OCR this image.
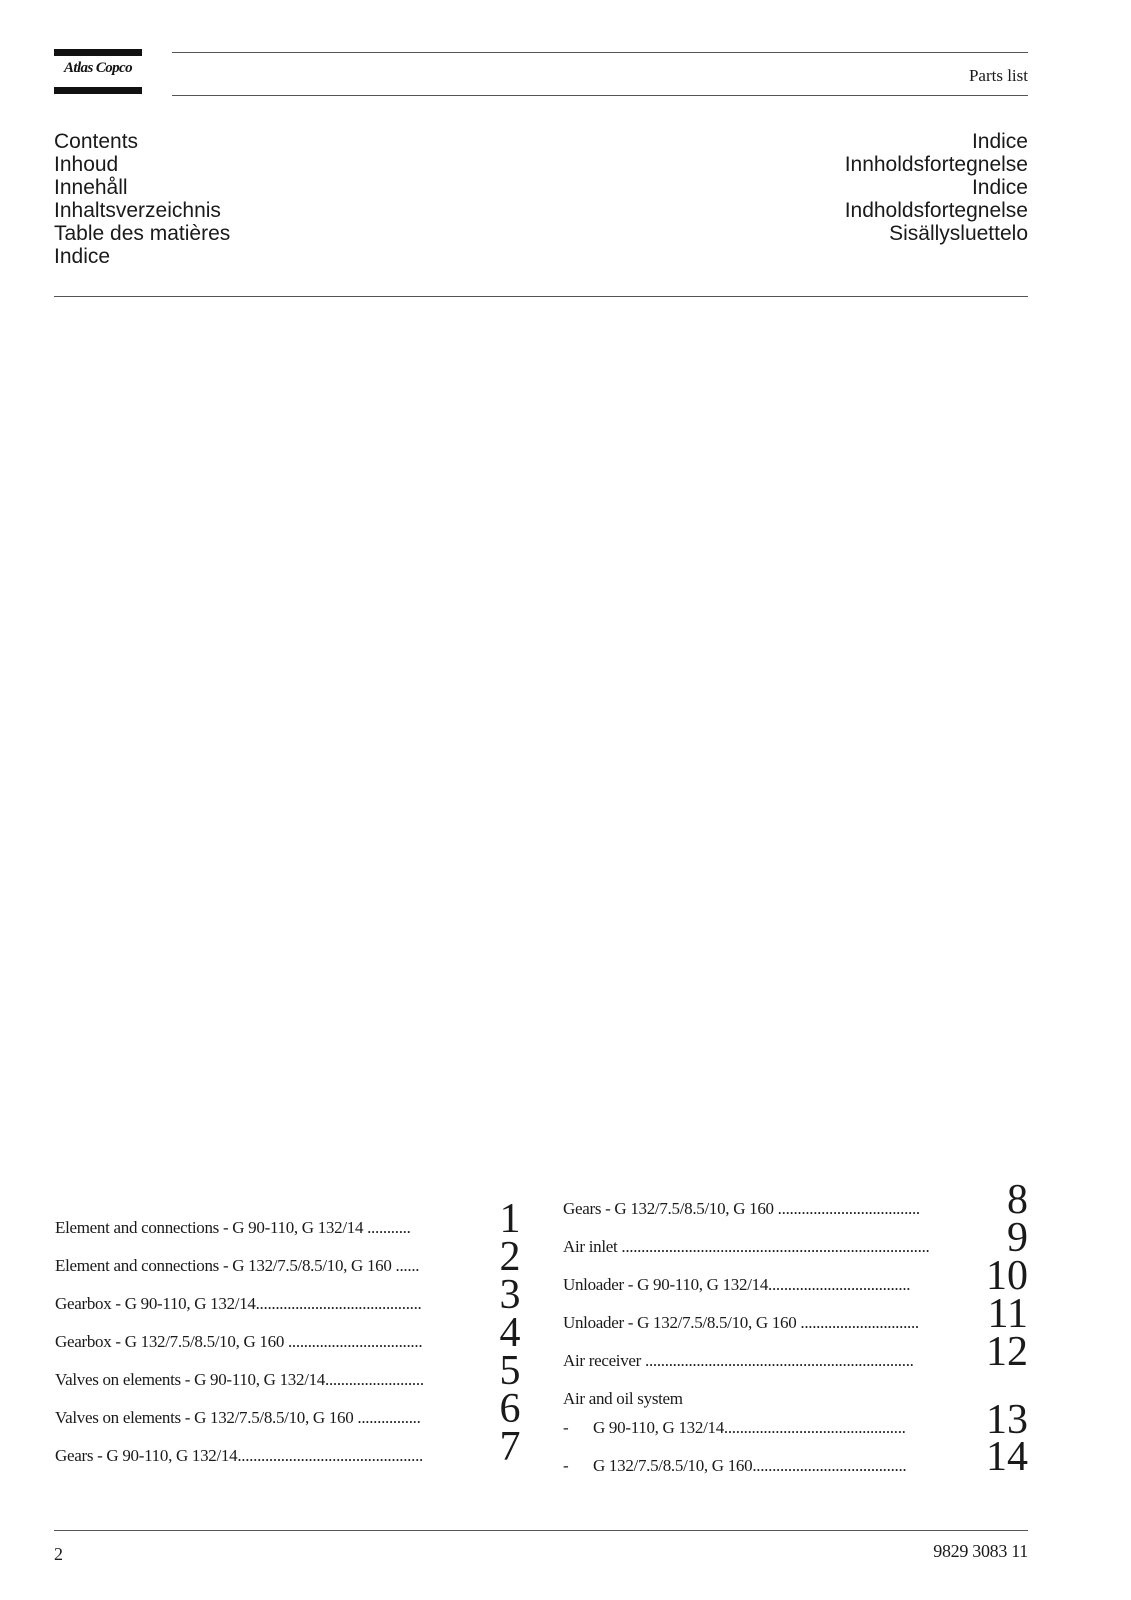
Atlas Copco	Parts list
Contents
Inhoud
Innehåll
Inhaltsverzeichnis
Table des matières
Indice
Indice
Innholdsfortegnelse
Indice
Indholdsfortegnelse
Sisällysluettelo
Element and connections - G 90-110, G 132/14 ........... 1
Element and connections - G 132/7.5/8.5/10, G 160 ...... 2
Gearbox - G 90-110, G 132/14.......................................... 3
Gearbox - G 132/7.5/8.5/10, G 160 .................................. 4
Valves on elements - G 90-110, G 132/14......................... 5
Valves on elements - G 132/7.5/8.5/10, G 160 ................ 6
Gears - G 90-110, G 132/14............................................... 7
Gears - G 132/7.5/8.5/10, G 160 .................................... 8
Air inlet .............................................................................. 9
Unloader - G 90-110, G 132/14.................................... 10
Unloader - G 132/7.5/8.5/10, G 160 .............................. 11
Air receiver .................................................................... 12
Air and oil system
- G 90-110, G 132/14.............................................. 13
- G 132/7.5/8.5/10, G 160....................................... 14
2	9829 3083 11
